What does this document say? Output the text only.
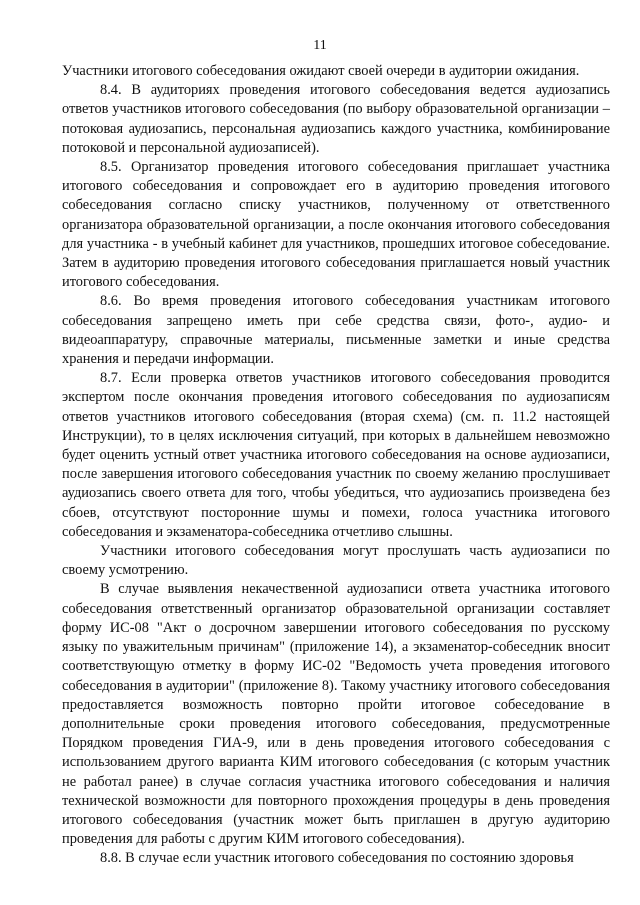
11

Участники итогового собеседования ожидают своей очереди в аудитории ожидания.

8.4. В аудиториях проведения итогового собеседования ведется аудиозапись ответов участников итогового собеседования (по выбору образовательной организации – потоковая аудиозапись, персональная аудиозапись каждого участника, комбинирование потоковой и персональной аудиозаписей).

8.5. Организатор проведения итогового собеседования приглашает участника итогового собеседования и сопровождает его в аудиторию проведения итогового собеседования согласно списку участников, полученному от ответственного организатора образовательной организации, а после окончания итогового собеседования для участника - в учебный кабинет для участников, прошедших итоговое собеседование. Затем в аудиторию проведения итогового собеседования приглашается новый участник итогового собеседования.

8.6. Во время проведения итогового собеседования участникам итогового собеседования запрещено иметь при себе средства связи, фото-, аудио- и видеоаппаратуру, справочные материалы, письменные заметки и иные средства хранения и передачи информации.

8.7. Если проверка ответов участников итогового собеседования проводится экспертом после окончания проведения итогового собеседования по аудиозаписям ответов участников итогового собеседования (вторая схема) (см. п. 11.2 настоящей Инструкции), то в целях исключения ситуаций, при которых в дальнейшем невозможно будет оценить устный ответ участника итогового собеседования на основе аудиозаписи, после завершения итогового собеседования участник по своему желанию прослушивает аудиозапись своего ответа для того, чтобы убедиться, что аудиозапись произведена без сбоев, отсутствуют посторонние шумы и помехи, голоса участника итогового собеседования и экзаменатора-собеседника отчетливо слышны.

Участники итогового собеседования могут прослушать часть аудиозаписи по своему усмотрению.

В случае выявления некачественной аудиозаписи ответа участника итогового собеседования ответственный организатор образовательной организации составляет форму ИС-08 "Акт о досрочном завершении итогового собеседования по русскому языку по уважительным причинам" (приложение 14), а экзаменатор-собеседник вносит соответствующую отметку в форму ИС-02 "Ведомость учета проведения итогового собеседования в аудитории" (приложение 8). Такому участнику итогового собеседования предоставляется возможность повторно пройти итоговое собеседование в дополнительные сроки проведения итогового собеседования, предусмотренные Порядком проведения ГИА-9, или в день проведения итогового собеседования с использованием другого варианта КИМ итогового собеседования (с которым участник не работал ранее) в случае согласия участника итогового собеседования и наличия технической возможности для повторного прохождения процедуры в день проведения итогового собеседования (участник может быть приглашен в другую аудиторию проведения для работы с другим КИМ итогового собеседования).

8.8. В случае если участник итогового собеседования по состоянию здоровья
